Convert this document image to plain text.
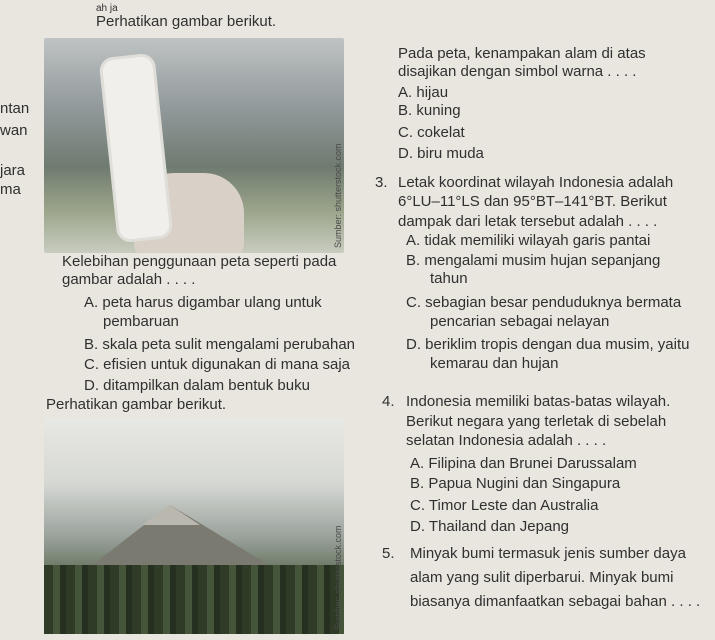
ah ja
Perhatikan gambar berikut.
ntan
wan
jara
ma	Sumber: shutterstock.com
Pada peta, kenampakan alam di atas
disajikan dengan simbol warna . . . .
A. hijau
B. kuning
C. cokelat
D. biru muda
3. Letak koordinat wilayah Indonesia adalah
6°LU–11°LS dan 95°BT–141°BT. Berikut
dampak dari letak tersebut adalah . . . .
A. tidak memiliki wilayah garis pantai
B. mengalami musim hujan sepanjang
tahun
C. sebagian besar penduduknya bermata
pencarian sebagai nelayan
D. beriklim tropis dengan dua musim, yaitu
kemarau dan hujan
Kelebihan penggunaan peta seperti pada
gambar adalah . . . .
A. peta harus digambar ulang untuk
pembaruan
B. skala peta sulit mengalami perubahan
C. efisien untuk digunakan di mana saja
D. ditampilkan dalam bentuk buku
4. Indonesia memiliki batas-batas wilayah.
Berikut negara yang terletak di sebelah
selatan Indonesia adalah . . . .
A. Filipina dan Brunei Darussalam
B. Papua Nugini dan Singapura
C. Timor Leste dan Australia
D. Thailand dan Jepang
Perhatikan gambar berikut.
Sumber: shutterstock.com	5. Minyak bumi termasuk jenis sumber daya
alam yang sulit diperbarui. Minyak bumi
biasanya dimanfaatkan sebagai bahan . . . .
